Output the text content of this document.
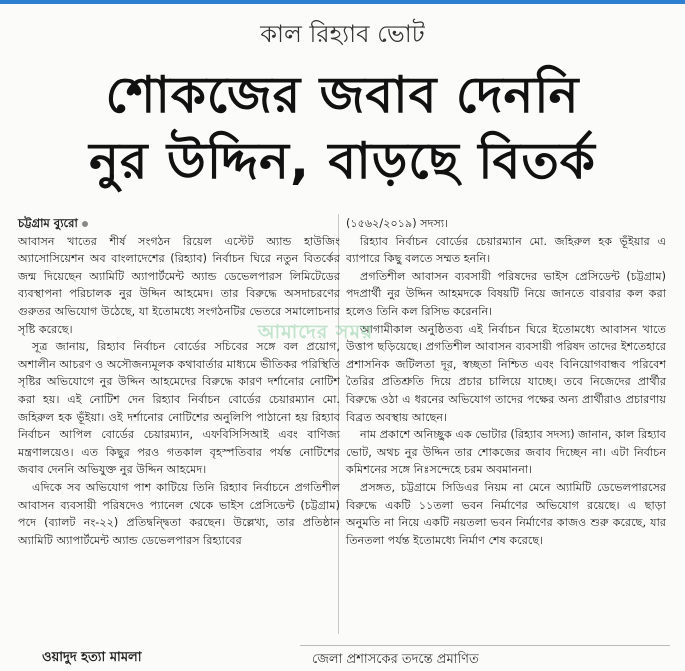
কাল রিহ্যাব ভোট
শোকজের জবাব দেননি
নুর উদ্দিন, বাড়ছে বিতর্ক
চট্টগ্রাম ব্যুরো

আবাসন খাতের শীর্ষ সংগঠন রিয়েল এস্টেট অ্যান্ড হাউজিং অ্যাসোসিয়েশন অব বাংলাদেশের (রিহ্যাব) নির্বাচন ঘিরে নতুন বিতর্কের জন্ম দিয়েছেন অ্যামিটি অ্যাপার্টমেন্ট অ্যান্ড ডেভেলপারস লিমিটেডের ব্যবস্থাপনা পরিচালক নুর উদ্দিন আহমেদ। তার বিরুদ্ধে অসদাচরণের গুরুতর অভিযোগ উঠেছে, যা ইতোমধ্যে সংগঠনটির ভেতরে সমালোচনার সৃষ্টি করেছে।

সূত্র জানায়, রিহ্যাব নির্বাচন বোর্ডের সচিবের সঙ্গে বল প্রয়োগ, অশালীন আচরণ ও অসৌজন্যমূলক কথাবার্তার মাধ্যমে ভীতিকর পরিস্থিতি সৃষ্টির অভিযোগে নুর উদ্দিন আহমেদের বিরুদ্ধে কারণ দর্শানোর নোটিশ করা হয়। এই নোটিশ দেন রিহ্যাব নির্বাচন বোর্ডের চেয়ারম্যান মো. জহিরুল হক ভূঁইয়া। ওই দর্শানোর নোটিশের অনুলিপি পাঠানো হয় রিহ্যাব নির্বাচন আপিল বোর্ডের চেয়ারম্যান, এফবিসিসিআই এবং বাণিজ্য মন্ত্রণালয়েও। এত কিছুর পরও গতকাল বৃহস্পতিবার পর্যন্ত নোটিশের জবাব দেননি অভিযুক্ত নুর উদ্দিন আহমেদ।

এদিকে সব অভিযোগ পাশ কাটিয়ে তিনি রিহ্যাব নির্বাচনে প্রগতিশীল আবাসন ব্যবসায়ী পরিষদেও প্যানেল থেকে ভাইস প্রেসিডেন্ট (চট্টগ্রাম) পদে (ব্যালট নং-২২) প্রতিদ্বন্দ্বিতা করছেন। উল্লেখ্য, তার প্রতিষ্ঠান অ্যামিটি অ্যাপার্টমেন্ট অ্যান্ড ডেভেলপারস রিহ্যাবের

(১৫৬২/২০১৯) সদস্য।

রিহ্যাব নির্বাচন বোর্ডের চেয়ারম্যান মো. জহিরুল হক ভূঁইয়ার এ ব্যাপারে কিছু বলতে সম্মত হননি।

প্রগতিশীল আবাসন ব্যবসায়ী পরিষদের ভাইস প্রেসিডেন্ট (চট্টগ্রাম) পদপ্রার্থী নুর উদ্দিন আহমদকে বিষয়টি নিয়ে জানতে বারবার কল করা হলেও তিনি কল রিসিভ করেননি।

আগামীকাল অনুষ্ঠিতব্য এই নির্বাচন ঘিরে ইতোমধ্যে আবাসন খাতে উত্তাপ ছড়িয়েছে। প্রগতিশীল আবাসন ব্যবসায়ী পরিষদ তাদের ইশতেহারে প্রশাসনিক জটিলতা দূর, স্বচ্ছতা নিশ্চিত এবং বিনিয়োগবান্ধব পরিবেশ তৈরির প্রতিশ্রুতি দিয়ে প্রচার চালিয়ে যাচ্ছে। তবে নিজেদের প্রার্থীর বিরুদ্ধে ওঠা এ ধরনের অভিযোগ তাদের পক্ষের অন্য প্রার্থীরাও প্রচারণায় বিব্রত অবস্থায় আছেন।

নাম প্রকাশে অনিচ্ছুক এক ভোটার (রিহ্যাব সদস্য) জানান, কাল রিহ্যাব ভোট, অথচ নুর উদ্দিন তার শোকজের জবাব দিচ্ছেন না। এটা নির্বাচন কমিশনের সঙ্গে নিঃসন্দেহে চরম অবমাননা।

প্রসঙ্গত, চট্টগ্রামে সিডিএর নিয়ম না মেনে অ্যামিটি ডেভেলপারসের বিরুদ্ধে একটি ১১তলা ভবন নির্মাণের অভিযোগ রয়েছে। এ ছাড়া অনুমতি না নিয়ে একটি নয়তলা ভবন নির্মাণের কাজও শুরু করেছে, যার তিনতলা পর্যন্ত ইতোমধ্যে নির্মাণ শেষ করেছে।

আমাদের সময়
ওয়াদুদ হত্যা মামলা	জেলা প্রশাসকের তদন্তে প্রমাণিত
